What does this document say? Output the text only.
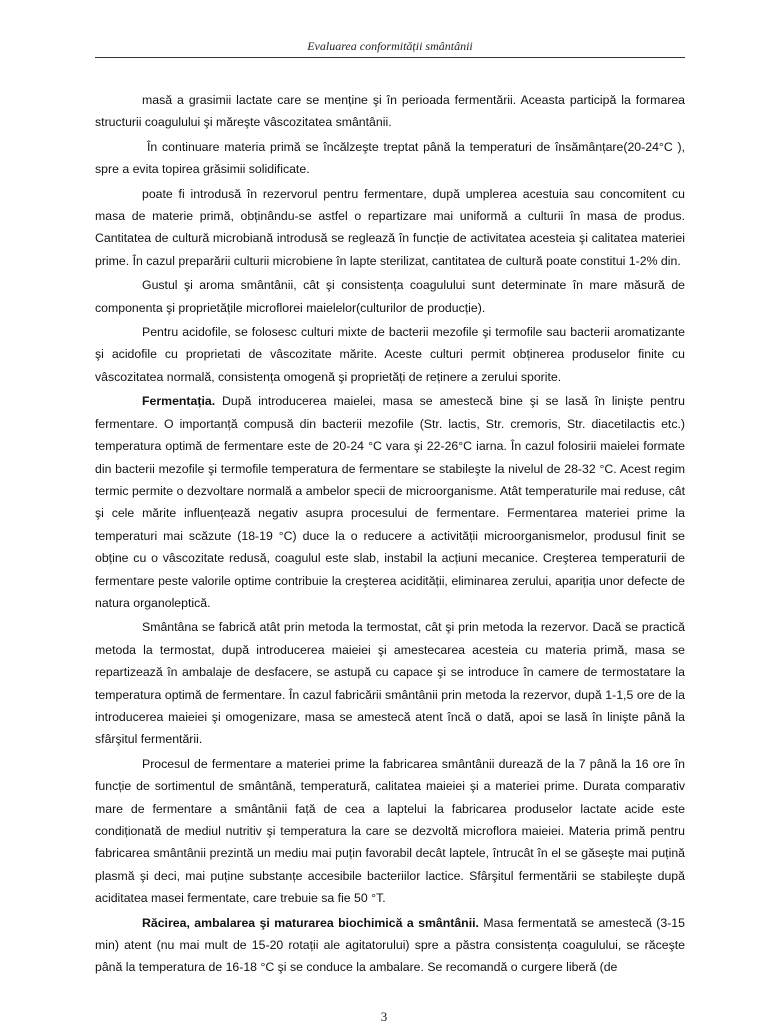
Evaluarea conformității smântânii

masă a grasimii lactate care se menține şi în perioada fermentării. Aceasta participă la formarea structurii coagulului şi măreşte vâscozitatea smântânii.

În continuare materia primă se încălzeşte treptat până la temperaturi de însămânțare(20-24°C ), spre a evita topirea grăsimii solidificate.

poate fi introdusă în rezervorul pentru fermentare, după umplerea acestuia sau concomitent cu masa de materie primă, obținându-se astfel o repartizare mai uniformă a culturii în masa de produs. Cantitatea de cultură microbiană introdusă se reglează în funcție de activitatea acesteia şi calitatea materiei prime. În cazul preparării culturii microbiene în lapte sterilizat, cantitatea de cultură poate constitui 1-2% din.

Gustul şi aroma smântânii, cât şi consistența coagulului sunt determinate în mare măsură de componenta şi proprietățile microflorei maielelor(culturilor de producție).

Pentru acidofile, se folosesc culturi mixte de bacterii mezofile şi termofile sau bacterii aromatizante şi acidofile cu proprietati de vâscozitate mărite. Aceste culturi permit obținerea produselor finite cu vâscozitatea normală, consistența omogenă şi proprietăți de reținere a zerului sporite.

Fermentația. După introducerea maielei, masa se amestecă bine şi se lasă în linişte pentru fermentare. O importanță compusă din bacterii mezofile (Str. lactis, Str. cremoris, Str. diacetilactis etc.) temperatura optimă de fermentare este de 20-24 °C vara şi 22-26°C iarna. În cazul folosirii maielei formate din bacterii mezofile şi termofile temperatura de fermentare se stabileşte la nivelul de 28-32 °C. Acest regim termic permite o dezvoltare normală a ambelor specii de microorganisme. Atât temperaturile mai reduse, cât şi cele mărite influențează negativ asupra procesului de fermentare. Fermentarea materiei prime la temperaturi mai scăzute (18-19 °C) duce la o reducere a activității microorganismelor, produsul finit se obține cu o vâscozitate redusă, coagulul este slab, instabil la acțiuni mecanice. Creşterea temperaturii de fermentare peste valorile optime contribuie la creşterea acidității, eliminarea zerului, apariția unor defecte de natura organoleptică.

Smântâna se fabrică atât prin metoda la termostat, cât şi prin metoda la rezervor. Dacă se practică metoda la termostat, după introducerea maieiei şi amestecarea acesteia cu materia primă, masa se repartizează în ambalaje de desfacere, se astupă cu capace şi se introduce în camere de termostatare la temperatura optimă de fermentare. În cazul fabricării smântânii prin metoda la rezervor, după 1-1,5 ore de la introducerea maieiei şi omogenizare, masa se amestecă atent încă o dată, apoi se lasă în linişte până la sfârşitul fermentării.

Procesul de fermentare a materiei prime la fabricarea smântânii durează de la 7 până la 16 ore în funcție de sortimentul de smântână, temperatură, calitatea maieiei şi a materiei prime. Durata comparativ mare de fermentare a smântânii față de cea a laptelui la fabricarea produselor lactate acide este condiționată de mediul nutritiv şi temperatura la care se dezvoltă microflora maieiei. Materia primă pentru fabricarea smântânii prezintă un mediu mai puțin favorabil decât laptele, întrucât în el se găseşte mai puțină plasmă şi deci, mai puține substanțe accesibile bacteriilor lactice. Sfârşitul fermentării se stabileşte după aciditatea masei fermentate, care trebuie sa fie 50 °T.

Răcirea, ambalarea şi maturarea biochimică a smântânii. Masa fermentată se amestecă (3-15 min) atent (nu mai mult de 15-20 rotații ale agitatorului) spre a păstra consistența coagulului, se răceşte până la temperatura de 16-18 °C şi se conduce la ambalare. Se recomandă o curgere liberă (de

3
